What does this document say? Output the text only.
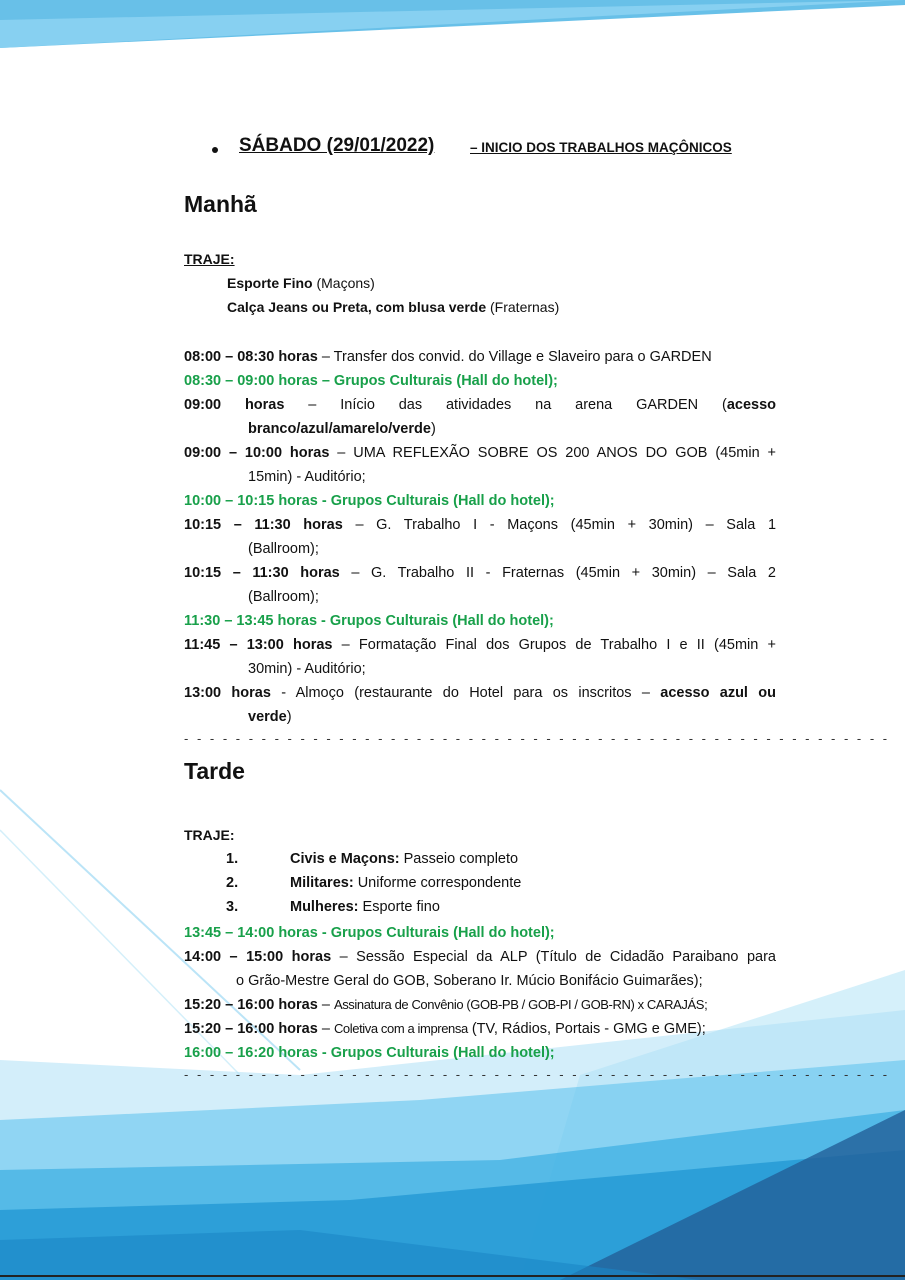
SÁBADO (29/01/2022)	– INICIO DOS TRABALHOS MAÇÔNICOS
Manhã
TRAJE:
Esporte Fino (Maçons)
Calça Jeans ou Preta, com blusa verde (Fraternas)
08:00 – 08:30 horas – Transfer dos convid. do Village e Slaveiro para o GARDEN
08:30 – 09:00 horas – Grupos Culturais (Hall do hotel);
09:00 horas – Início das atividades na arena GARDEN (acesso
branco/azul/amarelo/verde)
09:00 – 10:00 horas – UMA REFLEXÃO SOBRE OS 200 ANOS DO GOB (45min +
15min) - Auditório;
10:00 – 10:15 horas - Grupos Culturais (Hall do hotel);
10:15 – 11:30 horas – G. Trabalho I - Maçons (45min + 30min) – Sala 1
(Ballroom);
10:15 – 11:30 horas – G. Trabalho II - Fraternas (45min + 30min) – Sala 2
(Ballroom);
11:30 – 13:45 horas - Grupos Culturais (Hall do hotel);
11:45 – 13:00 horas – Formatação Final dos Grupos de Trabalho I e II (45min +
30min) - Auditório;
13:00 horas - Almoço (restaurante do Hotel para os inscritos – acesso azul ou
verde)
- - - - - - - - - - - - - - - - - - - - - - - - - - - - - - - - - - - - - - - - - - - - - - - - - - - - - - -
Tarde
TRAJE:
1.	Civis e Maçons: Passeio completo
2.	Militares: Uniforme correspondente
3.	Mulheres: Esporte fino
13:45 – 14:00 horas - Grupos Culturais (Hall do hotel);
14:00 – 15:00 horas – Sessão Especial da ALP (Título de Cidadão Paraibano para
o Grão-Mestre Geral do GOB, Soberano Ir. Múcio Bonifácio Guimarães);
15:20 – 16:00 horas – Assinatura de Convênio (GOB-PB / GOB-PI / GOB-RN) x CARAJÁS;
15:20 – 16:00 horas – Coletiva com a imprensa (TV, Rádios, Portais - GMG e GME);
16:00 – 16:20 horas - Grupos Culturais (Hall do hotel);
- - - - - - - - - - - - - - - - - - - - - - - - - - - - - - - - - - - - - - - - - - - - - - - - - - - - - - -
